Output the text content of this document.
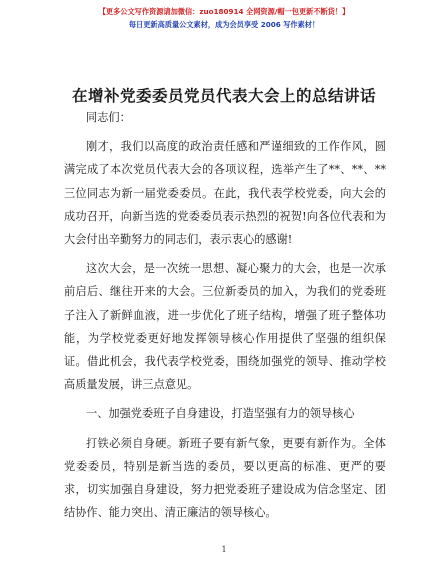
【更多公文写作资源请加微信：zuo180914 全网资源/帽一包更新不断货！】
每日更新高质量公文素材，成为会员享受 2006 写作素材！
在增补党委委员党员代表大会上的总结讲话

同志们：

刚才，我们以高度的政治责任感和严谨细致的工作作风，圆满完成了本次党员代表大会的各项议程，选举产生了**、**、**三位同志为新一届党委委员。在此，我代表学校党委，向大会的成功召开，向新当选的党委委员表示热烈的祝贺!向各位代表和为大会付出辛勤努力的同志们，表示衷心的感谢!

这次大会，是一次统一思想、凝心聚力的大会，也是一次承前启后、继往开来的大会。三位新委员的加入，为我们的党委班子注入了新鲜血液，进一步优化了班子结构，增强了班子整体功能，为学校党委更好地发挥领导核心作用提供了坚强的组织保证。借此机会，我代表学校党委，围绕加强党的领导、推动学校高质量发展，讲三点意见。

一、加强党委班子自身建设，打造坚强有力的领导核心

打铁必须自身硬。新班子要有新气象，更要有新作为。全体党委委员，特别是新当选的委员，要以更高的标准、更严的要求，切实加强自身建设，努力把党委班子建设成为信念坚定、团结协作、能力突出、清正廉洁的领导核心。

1
